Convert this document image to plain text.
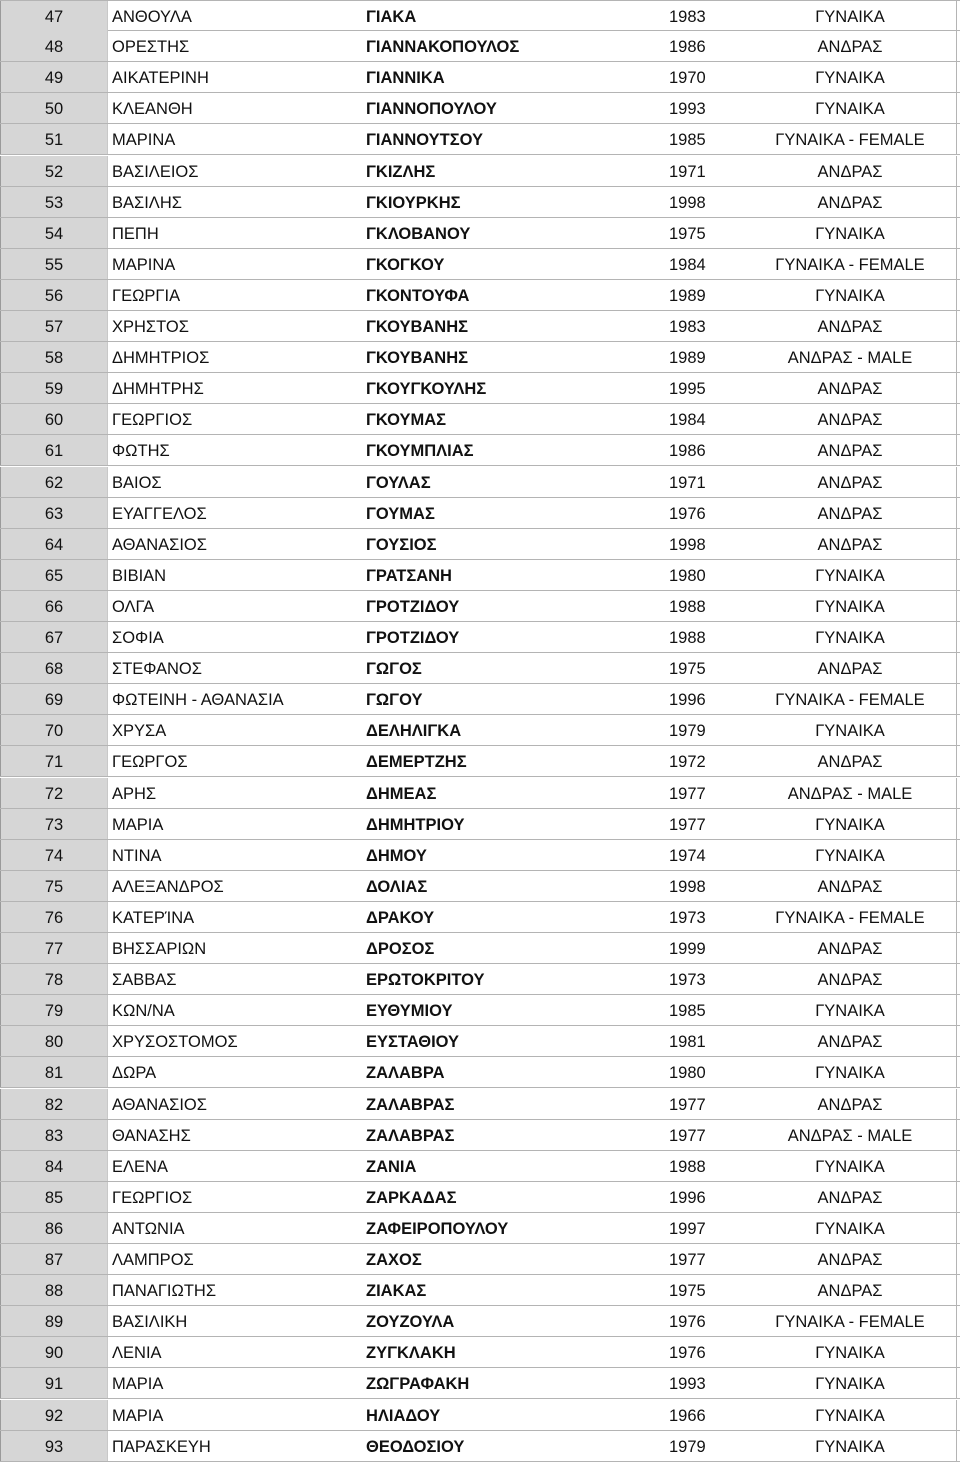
47	ΑΝΘΟΥΛΑ	ΓΙΑΚΑ	1983	ΓΥΝΑΙΚΑ
48	ΟΡΕΣΤΗΣ	ΓΙΑΝΝΑΚΟΠΟΥΛΟΣ	1986	ΑΝΔΡΑΣ
49	ΑΙΚΑΤΕΡΙΝΗ	ΓΙΑΝΝΙΚΑ	1970	ΓΥΝΑΙΚΑ
50	ΚΛΕΑΝΘΗ	ΓΙΑΝΝΟΠΟΥΛΟΥ	1993	ΓΥΝΑΙΚΑ
51	ΜΑΡΙΝΑ	ΓΙΑΝΝΟΥΤΣΟΥ	1985	ΓΥΝΑΙΚΑ - FEMALE
52	ΒΑΣΙΛΕΙΟΣ	ΓΚΙΖΛΗΣ	1971	ΑΝΔΡΑΣ
53	ΒΑΣΙΛΗΣ	ΓΚΙΟΥΡΚΗΣ	1998	ΑΝΔΡΑΣ
54	ΠΕΠΗ	ΓΚΛΟΒΑΝΟΥ	1975	ΓΥΝΑΙΚΑ
55	ΜΑΡΙΝΑ	ΓΚΟΓΚΟΥ	1984	ΓΥΝΑΙΚΑ - FEMALE
56	ΓΕΩΡΓΙΑ	ΓΚΟΝΤΟΥΦΑ	1989	ΓΥΝΑΙΚΑ
57	ΧΡΗΣΤΟΣ	ΓΚΟΥΒΑΝΗΣ	1983	ΑΝΔΡΑΣ
58	ΔΗΜΗΤΡΙΟΣ	ΓΚΟΥΒΑΝΗΣ	1989	ΑΝΔΡΑΣ - MALE
59	ΔΗΜΗΤΡΗΣ	ΓΚΟΥΓΚΟΥΛΗΣ	1995	ΑΝΔΡΑΣ
60	ΓΕΩΡΓΙΟΣ	ΓΚΟΥΜΑΣ	1984	ΑΝΔΡΑΣ
61	ΦΩΤΗΣ	ΓΚΟΥΜΠΛΙΑΣ	1986	ΑΝΔΡΑΣ
62	ΒΑΙΟΣ	ΓΟΥΛΑΣ	1971	ΑΝΔΡΑΣ
63	ΕΥΑΓΓΕΛΟΣ	ΓΟΥΜΑΣ	1976	ΑΝΔΡΑΣ
64	ΑΘΑΝΑΣΙΟΣ	ΓΟΥΣΙΟΣ	1998	ΑΝΔΡΑΣ
65	ΒΙΒΙΑΝ	ΓΡΑΤΣΑΝΗ	1980	ΓΥΝΑΙΚΑ
66	ΟΛΓΑ	ΓΡΟΤΖΙΔΟΥ	1988	ΓΥΝΑΙΚΑ
67	ΣΟΦΙΑ	ΓΡΟΤΖΙΔΟΥ	1988	ΓΥΝΑΙΚΑ
68	ΣΤΕΦΑΝΟΣ	ΓΩΓΟΣ	1975	ΑΝΔΡΑΣ
69	ΦΩΤΕΙΝΗ - ΑΘΑΝΑΣΙΑ	ΓΩΓΟΥ	1996	ΓΥΝΑΙΚΑ - FEMALE
70	ΧΡΥΣΑ	ΔΕΛΗΛΙΓΚΑ	1979	ΓΥΝΑΙΚΑ
71	ΓΕΩΡΓΟΣ	ΔΕΜΕΡΤΖΗΣ	1972	ΑΝΔΡΑΣ
72	ΑΡΗΣ	ΔΗΜΕΑΣ	1977	ΑΝΔΡΑΣ - MALE
73	ΜΑΡΙΑ	ΔΗΜΗΤΡΙΟΥ	1977	ΓΥΝΑΙΚΑ
74	ΝΤΙΝΑ	ΔΗΜΟΥ	1974	ΓΥΝΑΙΚΑ
75	ΑΛΕΞΑΝΔΡΟΣ	ΔΟΛΙΑΣ	1998	ΑΝΔΡΑΣ
76	ΚΑΤΕΡΊΝΑ	ΔΡΑΚΟΥ	1973	ΓΥΝΑΙΚΑ - FEMALE
77	ΒΗΣΣΑΡΙΩΝ	ΔΡΟΣΟΣ	1999	ΑΝΔΡΑΣ
78	ΣΑΒΒΑΣ	ΕΡΩΤΟΚΡΙΤΟΥ	1973	ΑΝΔΡΑΣ
79	ΚΩΝ/ΝΑ	ΕΥΘΥΜΙΟΥ	1985	ΓΥΝΑΙΚΑ
80	ΧΡΥΣΟΣΤΟΜΟΣ	ΕΥΣΤΑΘΙΟΥ	1981	ΑΝΔΡΑΣ
81	ΔΩΡΑ	ΖΑΛΑΒΡΑ	1980	ΓΥΝΑΙΚΑ
82	ΑΘΑΝΑΣΙΟΣ	ΖΑΛΑΒΡΑΣ	1977	ΑΝΔΡΑΣ
83	ΘΑΝΑΣΗΣ	ΖΑΛΑΒΡΑΣ	1977	ΑΝΔΡΑΣ - MALE
84	ΕΛΕΝΑ	ΖΑΝΙΑ	1988	ΓΥΝΑΙΚΑ
85	ΓΕΩΡΓΙΟΣ	ΖΑΡΚΑΔΑΣ	1996	ΑΝΔΡΑΣ
86	ΑΝΤΩΝΙΑ	ΖΑΦΕΙΡΟΠΟΥΛΟΥ	1997	ΓΥΝΑΙΚΑ
87	ΛΑΜΠΡΟΣ	ΖΑΧΟΣ	1977	ΑΝΔΡΑΣ
88	ΠΑΝΑΓΙΩΤΗΣ	ΖΙΑΚΑΣ	1975	ΑΝΔΡΑΣ
89	ΒΑΣΙΛΙΚΗ	ΖΟΥΖΟΥΛΑ	1976	ΓΥΝΑΙΚΑ - FEMALE
90	ΛΕΝΙΑ	ΖΥΓΚΛΑΚΗ	1976	ΓΥΝΑΙΚΑ
91	ΜΑΡΙΑ	ΖΩΓΡΑΦΑΚΗ	1993	ΓΥΝΑΙΚΑ
92	ΜΑΡΙΑ	ΗΛΙΑΔΟΥ	1966	ΓΥΝΑΙΚΑ
93	ΠΑΡΑΣΚΕΥΗ	ΘΕΟΔΟΣΙΟΥ	1979	ΓΥΝΑΙΚΑ
